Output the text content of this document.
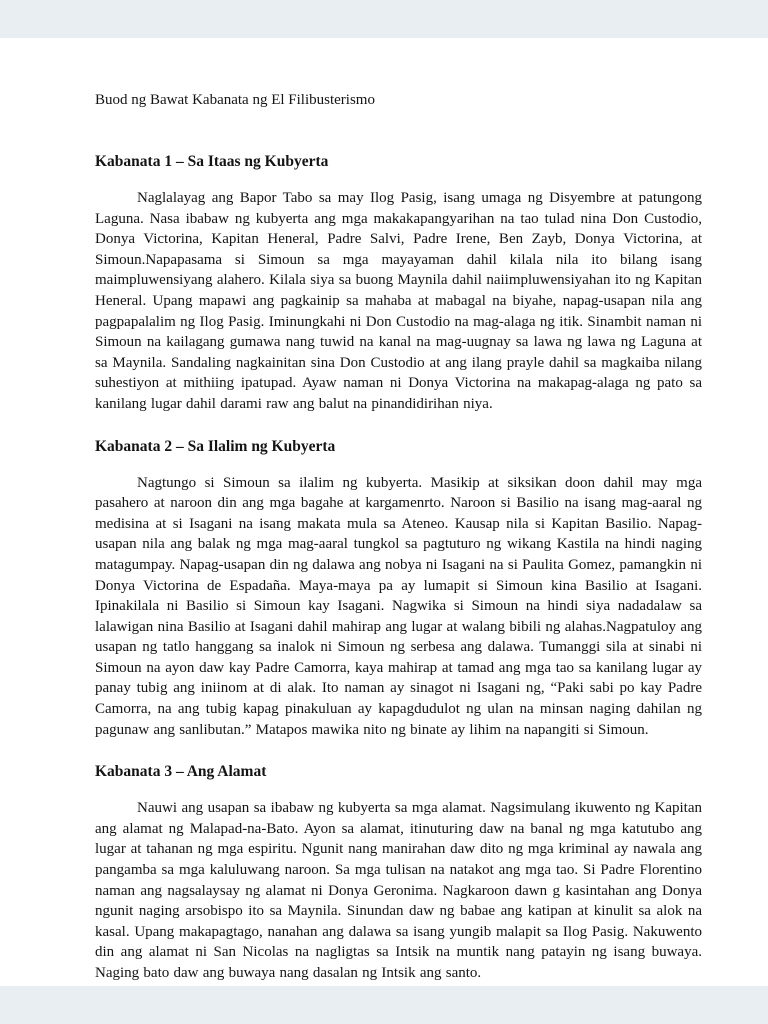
Buod ng Bawat Kabanata ng El Filibusterismo

Kabanata 1 – Sa Itaas ng Kubyerta

Naglalayag ang Bapor Tabo sa may Ilog Pasig, isang umaga ng Disyembre at patungong Laguna. Nasa ibabaw ng kubyerta ang mga makakapangyarihan na tao tulad nina Don Custodio, Donya Victorina, Kapitan Heneral, Padre Salvi, Padre Irene, Ben Zayb, Donya Victorina, at Simoun.Napapasama si Simoun sa mga mayayaman dahil kilala nila ito bilang isang maimpluwensiyang alahero. Kilala siya sa buong Maynila dahil naiimpluwensiyahan ito ng Kapitan Heneral. Upang mapawi ang pagkainip sa mahaba at mabagal na biyahe, napag-usapan nila ang pagpapalalim ng Ilog Pasig. Iminungkahi ni Don Custodio na mag-alaga ng itik. Sinambit naman ni Simoun na kailagang gumawa nang tuwid na kanal na mag-uugnay sa lawa ng lawa ng Laguna at sa Maynila. Sandaling nagkainitan sina Don Custodio at ang ilang prayle dahil sa magkaiba nilang suhestiyon at mithiing ipatupad. Ayaw naman ni Donya Victorina na makapag-alaga ng pato sa kanilang lugar dahil darami raw ang balut na pinandidirihan niya.

Kabanata 2 – Sa Ilalim ng Kubyerta

Nagtungo si Simoun sa ilalim ng kubyerta. Masikip at siksikan doon dahil may mga pasahero at naroon din ang mga bagahe at kargamenrto. Naroon si Basilio na isang mag-aaral ng medisina at si Isagani na isang makata mula sa Ateneo. Kausap nila si Kapitan Basilio. Napag-usapan nila ang balak ng mga mag-aaral tungkol sa pagtuturo ng wikang Kastila na hindi naging matagumpay. Napag-usapan din ng dalawa ang nobya ni Isagani na si Paulita Gomez, pamangkin ni Donya Victorina de Espadaña. Maya-maya pa ay lumapit si Simoun kina Basilio at Isagani. Ipinakilala ni Basilio si Simoun kay Isagani. Nagwika si Simoun na hindi siya nadadalaw sa lalawigan nina Basilio at Isagani dahil mahirap ang lugar at walang bibili ng alahas.Nagpatuloy ang usapan ng tatlo hanggang sa inalok ni Simoun ng serbesa ang dalawa. Tumanggi sila at sinabi ni Simoun na ayon daw kay Padre Camorra, kaya mahirap at tamad ang mga tao sa kanilang lugar ay panay tubig ang iniinom at di alak. Ito naman ay sinagot ni Isagani ng, “Paki sabi po kay Padre Camorra, na ang tubig kapag pinakuluan ay kapagdudulot ng ulan na minsan naging dahilan ng pagunaw ang sanlibutan.” Matapos mawika nito ng binate ay lihim na napangiti si Simoun.

Kabanata 3 – Ang Alamat

Nauwi ang usapan sa ibabaw ng kubyerta sa mga alamat. Nagsimulang ikuwento ng Kapitan ang alamat ng Malapad-na-Bato. Ayon sa alamat, itinuturing daw na banal ng mga katutubo ang lugar at tahanan ng mga espiritu. Ngunit nang manirahan daw dito ng mga kriminal ay nawala ang pangamba sa mga kaluluwang naroon. Sa mga tulisan na natakot ang mga tao. Si Padre Florentino naman ang nagsalaysay ng alamat ni Donya Geronima. Nagkaroon dawn g kasintahan ang Donya ngunit naging arsobispo ito sa Maynila. Sinundan daw ng babae ang katipan at kinulit sa alok na kasal. Upang makapagtago, nanahan ang dalawa sa isang yungib malapit sa Ilog Pasig. Nakuwento din ang alamat ni San Nicolas na nagligtas sa Intsik na muntik nang patayin ng isang buwaya. Naging bato daw ang buwaya nang dasalan ng Intsik ang santo.
